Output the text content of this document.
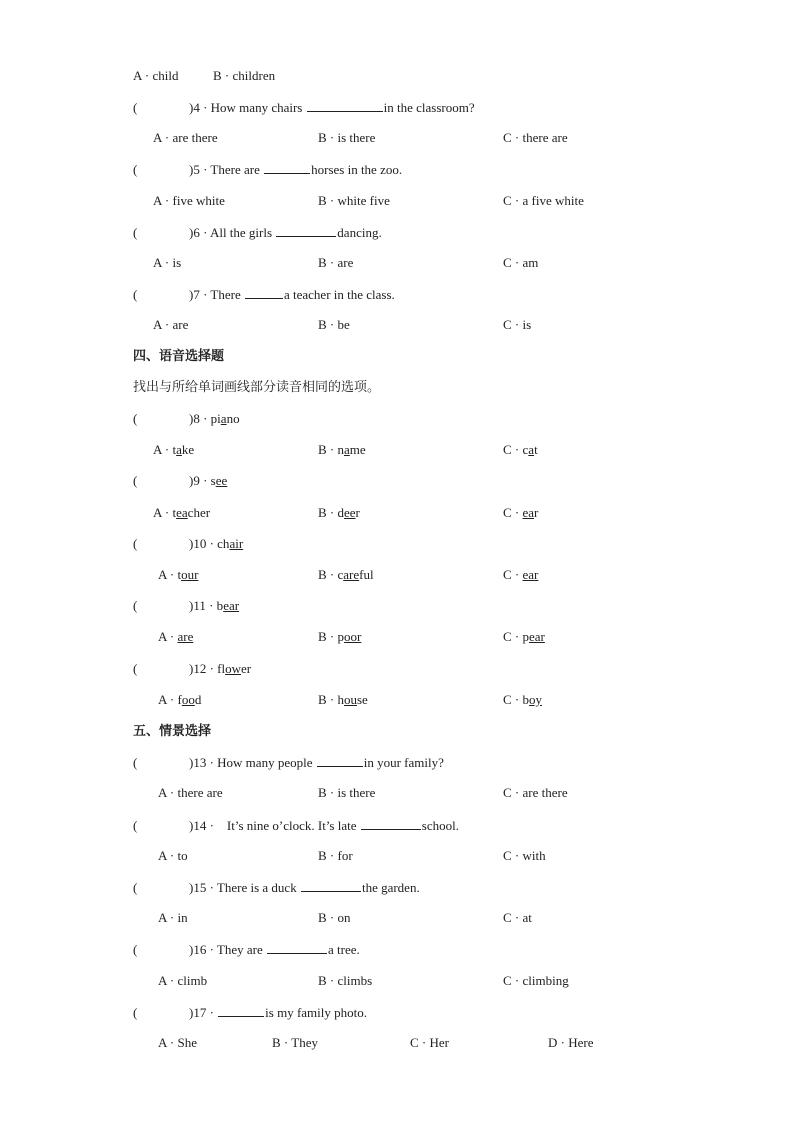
A · child	B · children
(	)4 · How many chairs	in the classroom?
A · are there	B · is there	C · there are
(	)5 · There are	horses in the zoo.
A · five white	B · white five	C · a five white
(	)6 · All the girls	dancing.
A · is	B · are	C · am
(	)7 · There	a teacher in the class.
A · are	B · be	C · is
四、语音选择题
找出与所给单词画线部分读音相同的选项。
(	)8 · piano
A · take	B · name	C · cat
(	)9 · see
A · teacher	B · deer	C · ear
(	)10 · chair
A · tour	B · careful	C · ear
(	)11 · bear
A · are	B · poor	C · pear
(	)12 · flower
A · food	B · house	C · boy
五、情景选择
(	)13 · How many people	in your family?
A · there are	B · is there	C · are there
(	)14 ·    It’s nine o’clock. It’s late	school.
A · to	B · for	C · with
(	)15 · There is a duck	the garden.
A · in	B · on	C · at
(	)16 · They are	a tree.
A · climb	B · climbs	C · climbing
(	)17 ·	is my family photo.
A · She	B · They	C · Her	D · Here
